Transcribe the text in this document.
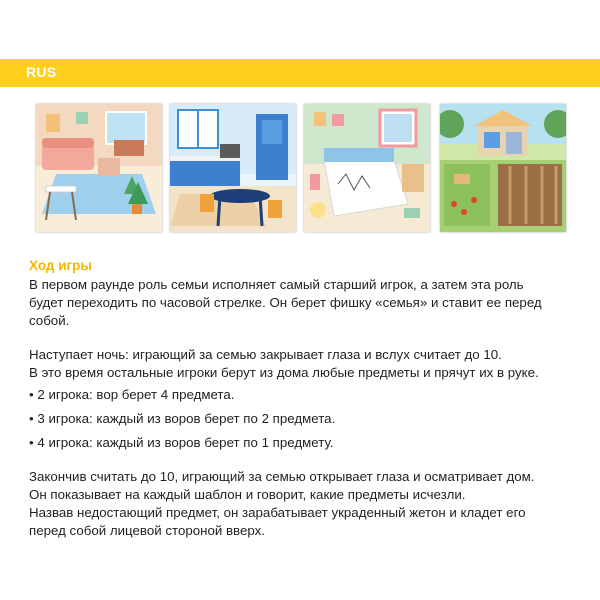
RUS
Ход игры
В первом раунде роль семьи исполняет самый старший игрок, а затем эта роль
будет переходить по часовой стрелке. Он берет фишку «семья» и ставит ее перед
собой.
Наступает ночь: играющий за семью закрывает глаза и вслух считает до 10.
В это время остальные игроки берут из дома любые предметы и прячут их в руке.
• 2 игрока: вор берет 4 предмета.
• 3 игрока: каждый из воров берет по 2 предмета.
• 4 игрока: каждый из воров берет по 1 предмету.
Закончив считать до 10, играющий за семью открывает глаза и осматривает дом.
Он показывает на каждый шаблон и говорит, какие предметы исчезли.
Назвав недостающий предмет, он зарабатывает украденный жетон и кладет его
перед собой лицевой стороной вверх.
